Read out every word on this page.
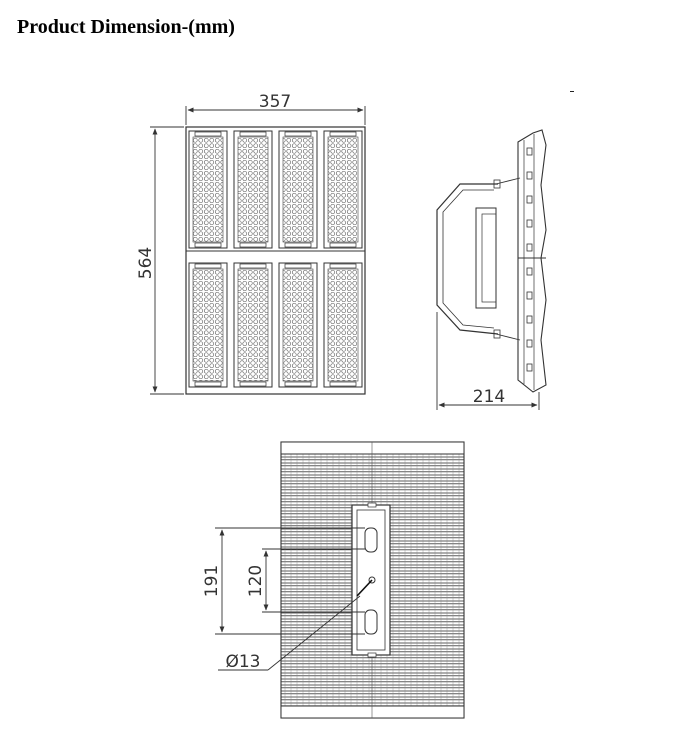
Product Dimension-(mm)
357
564
214
191 120
Ø13
